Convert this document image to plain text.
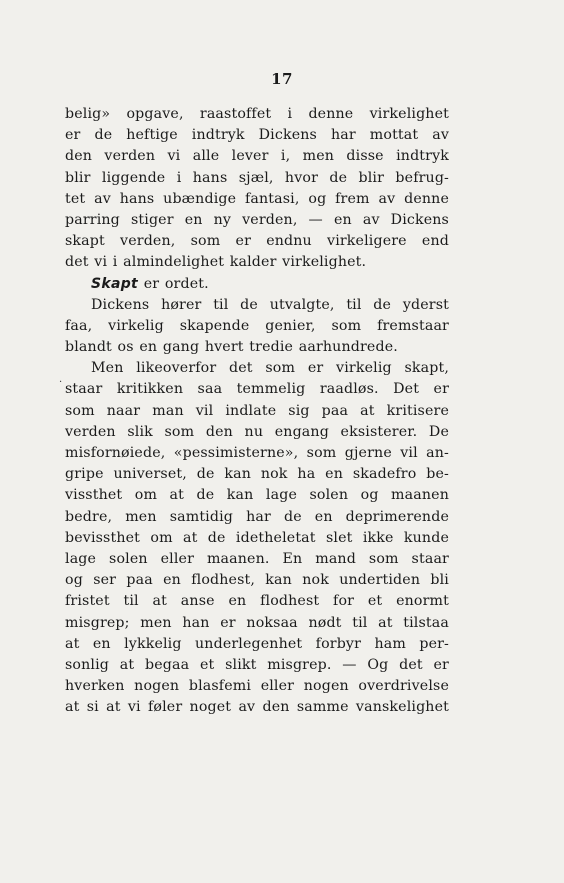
17
·
belig» opgave, raastoffet i denne virkelighet
er de heftige indtryk Dickens har mottat av
den verden vi alle lever i, men disse indtryk
blir liggende i hans sjæl, hvor de blir befrug-
tet av hans ubændige fantasi, og frem av denne
parring stiger en ny verden, — en av Dickens
skapt verden, som er endnu virkeligere end
det vi i almindelighet kalder virkelighet.
Skapt er ordet.
Dickens hører til de utvalgte, til de yderst
faa, virkelig skapende genier, som fremstaar
blandt os en gang hvert tredie aarhundrede.
Men likeoverfor det som er virkelig skapt,
staar kritikken saa temmelig raadløs. Det er
som naar man vil indlate sig paa at kritisere
verden slik som den nu engang eksisterer. De
misfornøiede, «pessimisterne», som gjerne vil an-
gripe universet, de kan nok ha en skadefro be-
vissthet om at de kan lage solen og maanen
bedre, men samtidig har de en deprimerende
bevissthet om at de idetheletat slet ikke kunde
lage solen eller maanen. En mand som staar
og ser paa en flodhest, kan nok undertiden bli
fristet til at anse en flodhest for et enormt
misgrep; men han er noksaa nødt til at tilstaa
at en lykkelig underlegenhet forbyr ham per-
sonlig at begaa et slikt misgrep. — Og det er
hverken nogen blasfemi eller nogen overdrivelse
at si at vi føler noget av den samme vanskelighet
